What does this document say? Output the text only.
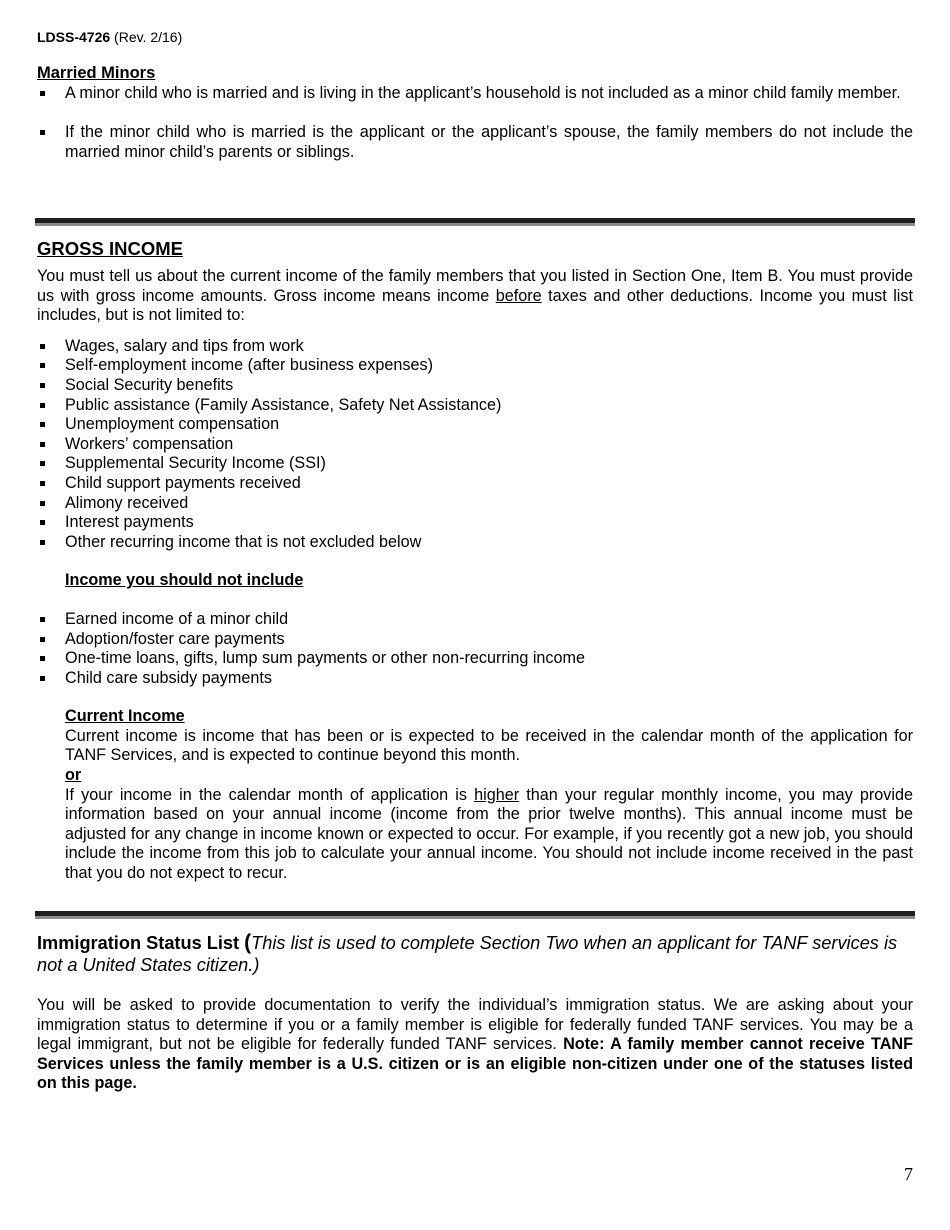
LDSS-4726 (Rev. 2/16)
Married Minors
A minor child who is married and is living in the applicant’s household is not included as a minor child family member.
If the minor child who is married is the applicant or the applicant’s spouse, the family members do not include the married minor child’s parents or siblings.
GROSS INCOME

You must tell us about the current income of the family members that you listed in Section One, Item B. You must provide us with gross income amounts. Gross income means income before taxes and other deductions. Income you must list includes, but is not limited to:

Wages, salary and tips from work
Self-employment income (after business expenses)
Social Security benefits
Public assistance (Family Assistance, Safety Net Assistance)
Unemployment compensation
Workers’ compensation
Supplemental Security Income (SSI)
Child support payments received
Alimony received
Interest payments
Other recurring income that is not excluded below
Income you should not include
Earned income of a minor child
Adoption/foster care payments
One-time loans, gifts, lump sum payments or other non-recurring income
Child care subsidy payments
Current Income
Current income is income that has been or is expected to be received in the calendar month of the application for TANF Services, and is expected to continue beyond this month.
or
If your income in the calendar month of application is higher than your regular monthly income, you may provide information based on your annual income (income from the prior twelve months). This annual income must be adjusted for any change in income known or expected to occur. For example, if you recently got a new job, you should include the income from this job to calculate your annual income. You should not include income received in the past that you do not expect to recur.
Immigration Status List (This list is used to complete Section Two when an applicant for TANF services is not a United States citizen.)

You will be asked to provide documentation to verify the individual’s immigration status. We are asking about your immigration status to determine if you or a family member is eligible for federally funded TANF services. You may be a legal immigrant, but not be eligible for federally funded TANF services. Note: A family member cannot receive TANF Services unless the family member is a U.S. citizen or is an eligible non-citizen under one of the statuses listed on this page.

7
